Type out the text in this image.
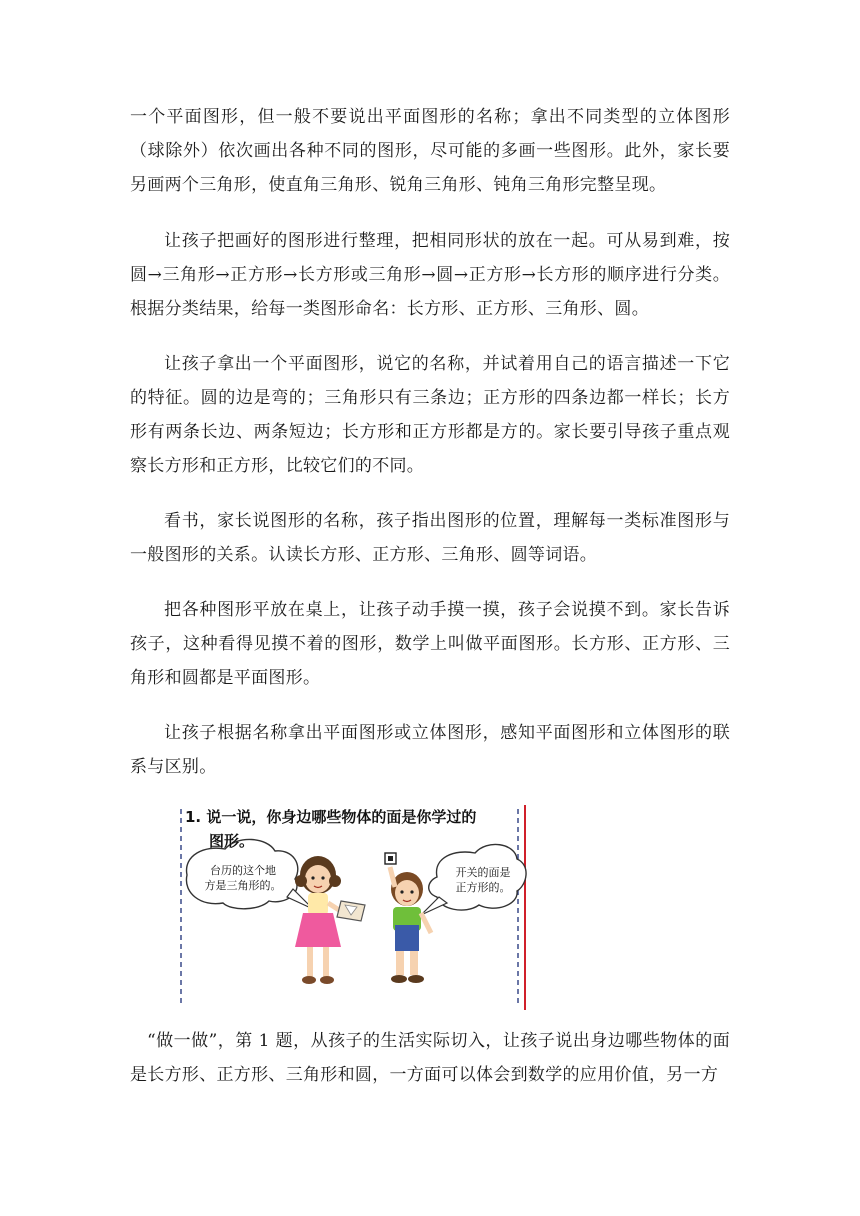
一个平面图形，但一般不要说出平面图形的名称；拿出不同类型的立体图形（球除外）依次画出各种不同的图形，尽可能的多画一些图形。此外，家长要另画两个三角形，使直角三角形、锐角三角形、钝角三角形完整呈现。

让孩子把画好的图形进行整理，把相同形状的放在一起。可从易到难，按圆→三角形→正方形→长方形或三角形→圆→正方形→长方形的顺序进行分类。根据分类结果，给每一类图形命名：长方形、正方形、三角形、圆。

让孩子拿出一个平面图形，说它的名称，并试着用自己的语言描述一下它的特征。圆的边是弯的；三角形只有三条边；正方形的四条边都一样长；长方形有两条长边、两条短边；长方形和正方形都是方的。家长要引导孩子重点观察长方形和正方形，比较它们的不同。

看书，家长说图形的名称，孩子指出图形的位置，理解每一类标准图形与一般图形的关系。认读长方形、正方形、三角形、圆等词语。

把各种图形平放在桌上，让孩子动手摸一摸，孩子会说摸不到。家长告诉孩子，这种看得见摸不着的图形，数学上叫做平面图形。长方形、正方形、三角形和圆都是平面图形。

让孩子根据名称拿出平面图形或立体图形，感知平面图形和立体图形的联系与区别。

1. 说一说，你身边哪些物体的面是你学过的
图形。
台历的这个地
方是三角形的。
开关的面是
正方形的。

“做一做”，第 1 题，从孩子的生活实际切入，让孩子说出身边哪些物体的面是长方形、正方形、三角形和圆，一方面可以体会到数学的应用价值，另一方
